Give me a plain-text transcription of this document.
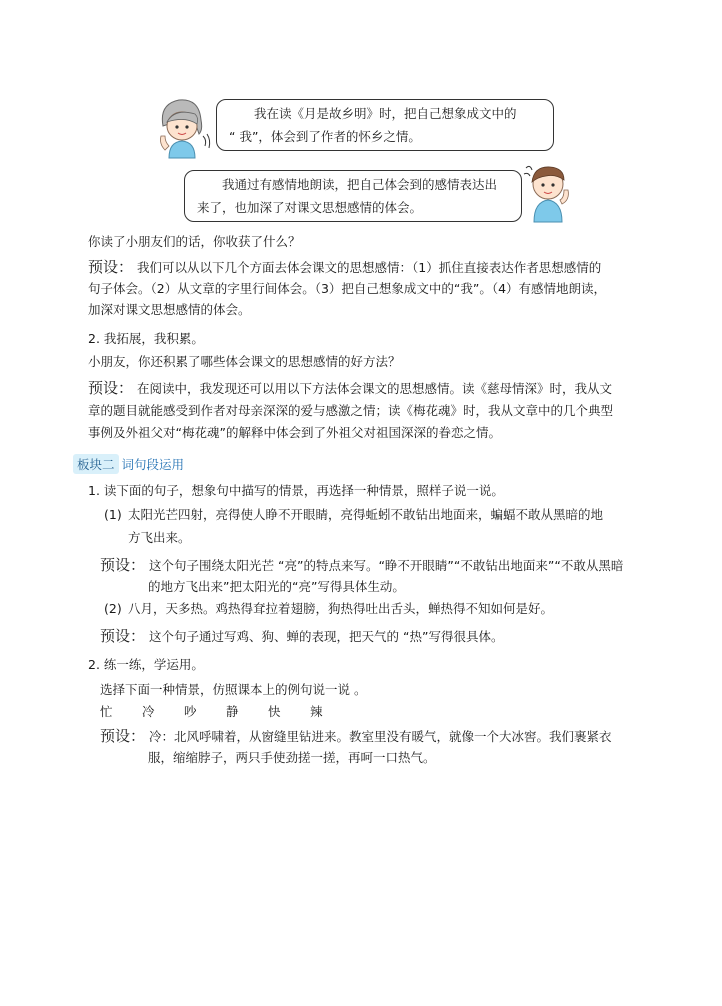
我在读《月是故乡明》时，把自己想象成文中的
“ 我”，体会到了作者的怀乡之情。
我通过有感情地朗读，把自己体会到的感情表达出
来了，也加深了对课文思想感情的体会。
你读了小朋友们的话，你收获了什么？
预设： 我们可以从以下几个方面去体会课文的思想感情：（1）抓住直接表达作者思想感情的
句子体会。（2）从文章的字里行间体会。（3）把自己想象成文中的“我”。（4）有感情地朗读，
加深对课文思想感情的体会。
2. 我拓展，我积累。
小朋友，你还积累了哪些体会课文的思想感情的好方法？
预设： 在阅读中，我发现还可以用以下方法体会课文的思想感情。读《慈母情深》时，我从文
章的题目就能感受到作者对母亲深深的爱与感激之情；读《梅花魂》时，我从文章中的几个典型
事例及外祖父对“梅花魂”的解释中体会到了外祖父对祖国深深的眷恋之情。
板块二 词句段运用
1. 读下面的句子，想象句中描写的情景，再选择一种情景，照样子说一说。
(1) 太阳光芒四射，亮得使人睁不开眼睛，亮得蚯蚓不敢钻出地面来，蝙蝠不敢从黑暗的地
方飞出来。
预设： 这个句子围绕太阳光芒 “亮”的特点来写。“睁不开眼睛”“不敢钻出地面来”“不敢从黑暗
的地方飞出来”把太阳光的“亮”写得具体生动。
(2) 八月，天多热。鸡热得耷拉着翅膀，狗热得吐出舌头，蝉热得不知如何是好。
预设： 这个句子通过写鸡、狗、蝉的表现，把天气的 “热”写得很具体。
2. 练一练，学运用。
选择下面一种情景，仿照课本上的例句说一说 。
忙 冷 吵 静 快 辣
预设： 冷：北风呼啸着，从窗缝里钻进来。教室里没有暖气，就像一个大冰窖。我们裹紧衣
服，缩缩脖子，两只手使劲搓一搓，再呵一口热气。
